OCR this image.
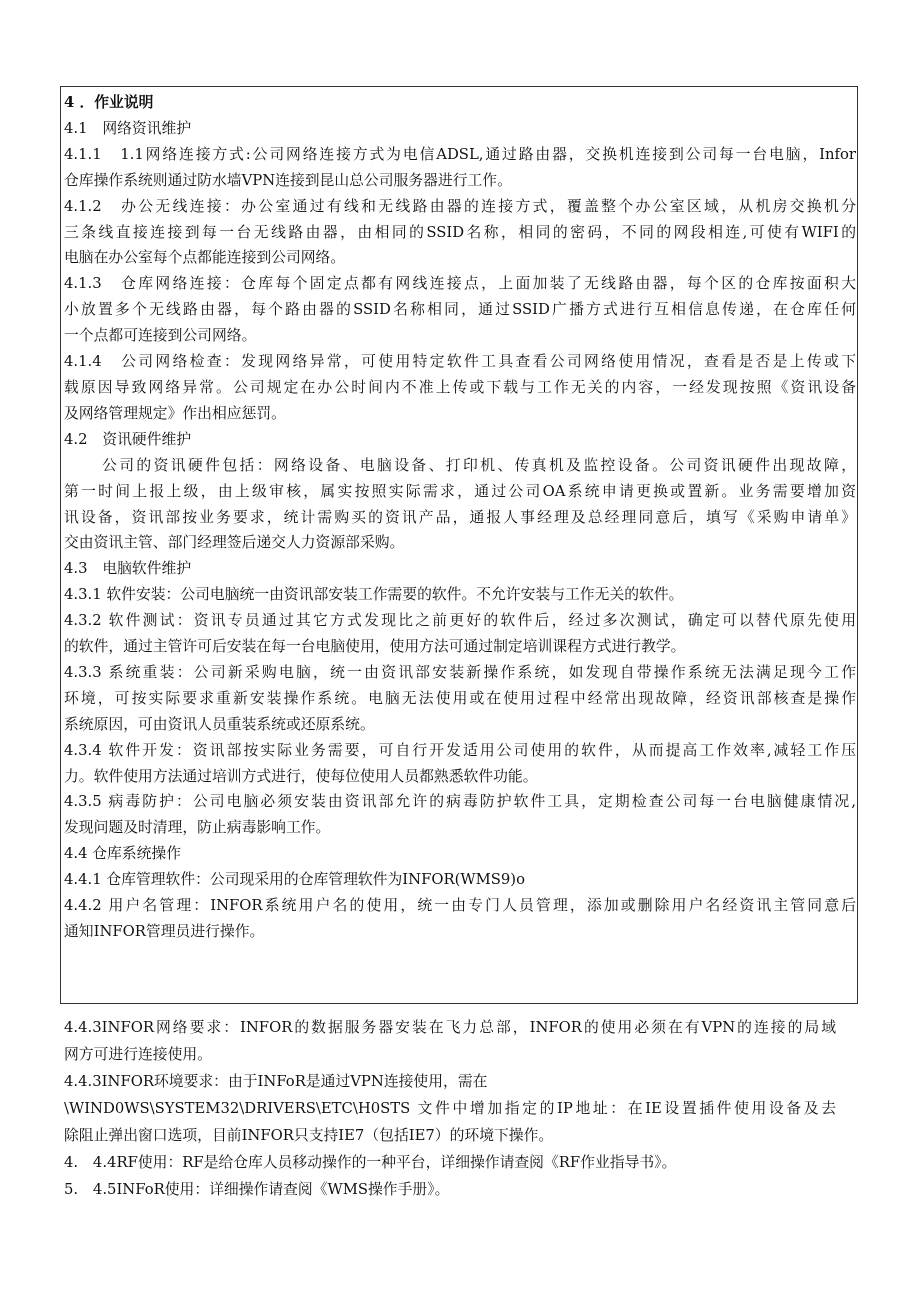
4 ．作业说明

4.1　网络资讯维护

4.1.1　1.1网络连接方式:公司网络连接方式为电信ADSL,通过路由器，交换机连接到公司每一台电脑，Infor

仓库操作系统则通过防水墙VPN连接到昆山总公司服务器进行工作。

4.1.2　办公无线连接：办公室通过有线和无线路由器的连接方式，覆盖整个办公室区域，从机房交换机分

三条线直接连接到每一台无线路由器，由相同的SSID名称，相同的密码，不同的网段相连,可使有WIFI的

电脑在办公室每个点都能连接到公司网络。

4.1.3　仓库网络连接：仓库每个固定点都有网线连接点，上面加装了无线路由器，每个区的仓库按面积大

小放置多个无线路由器，每个路由器的SSID名称相同，通过SSID广播方式进行互相信息传递，在仓库任何

一个点都可连接到公司网络。

4.1.4　公司网络检查：发现网络异常，可使用特定软件工具查看公司网络使用情况，查看是否是上传或下

载原因导致网络异常。公司规定在办公时间内不准上传或下载与工作无关的内容，一经发现按照《资讯设备

及网络管理规定》作出相应惩罚。

4.2　资讯硬件维护

公司的资讯硬件包括：网络设备、电脑设备、打印机、传真机及监控设备。公司资讯硬件出现故障，

第一时间上报上级，由上级审核，属实按照实际需求，通过公司OA系统申请更换或置新。业务需要增加资

讯设备，资讯部按业务要求，统计需购买的资讯产品，通报人事经理及总经理同意后，填写《采购申请单》

交由资讯主管、部门经理签后递交人力资源部采购。

4.3　电脑软件维护

4.3.1 软件安装：公司电脑统一由资讯部安装工作需要的软件。不允许安装与工作无关的软件。

4.3.2 软件测试：资讯专员通过其它方式发现比之前更好的软件后，经过多次测试，确定可以替代原先使用

的软件，通过主管许可后安装在每一台电脑使用，使用方法可通过制定培训课程方式进行教学。

4.3.3 系统重装：公司新采购电脑，统一由资讯部安装新操作系统，如发现自带操作系统无法满足现今工作

环境，可按实际要求重新安装操作系统。电脑无法使用或在使用过程中经常出现故障，经资讯部核查是操作

系统原因，可由资讯人员重装系统或还原系统。

4.3.4 软件开发：资讯部按实际业务需要，可自行开发适用公司使用的软件，从而提高工作效率,减轻工作压

力。软件使用方法通过培训方式进行，使每位使用人员都熟悉软件功能。

4.3.5 病毒防护：公司电脑必须安装由资讯部允许的病毒防护软件工具，定期检查公司每一台电脑健康情况,

发现问题及时清理，防止病毒影响工作。

4.4 仓库系统操作

4.4.1 仓库管理软件：公司现采用的仓库管理软件为INFOR(WMS9)o

4.4.2 用户名管理：INFOR系统用户名的使用，统一由专门人员管理，添加或删除用户名经资讯主管同意后

通知INFOR管理员进行操作。

4.4.3INFOR网络要求：INFOR的数据服务器安装在飞力总部，INFOR的使用必须在有VPN的连接的局域

网方可进行连接使用。

4.4.3INFOR环境要求：由于INFoR是通过VPN连接使用，需在

\WIND0WS\SYSTEM32\DRIVERS\ETC\H0STS 文件中增加指定的IP地址：在IE设置插件使用设备及去

除阻止弹出窗口选项，目前INFOR只支持IE7（包括IE7）的环境下操作。

4.　4.4RF使用：RF是给仓库人员移动操作的一种平台，详细操作请查阅《RF作业指导书》。

5.　4.5INFoR使用：详细操作请查阅《WMS操作手册》。
